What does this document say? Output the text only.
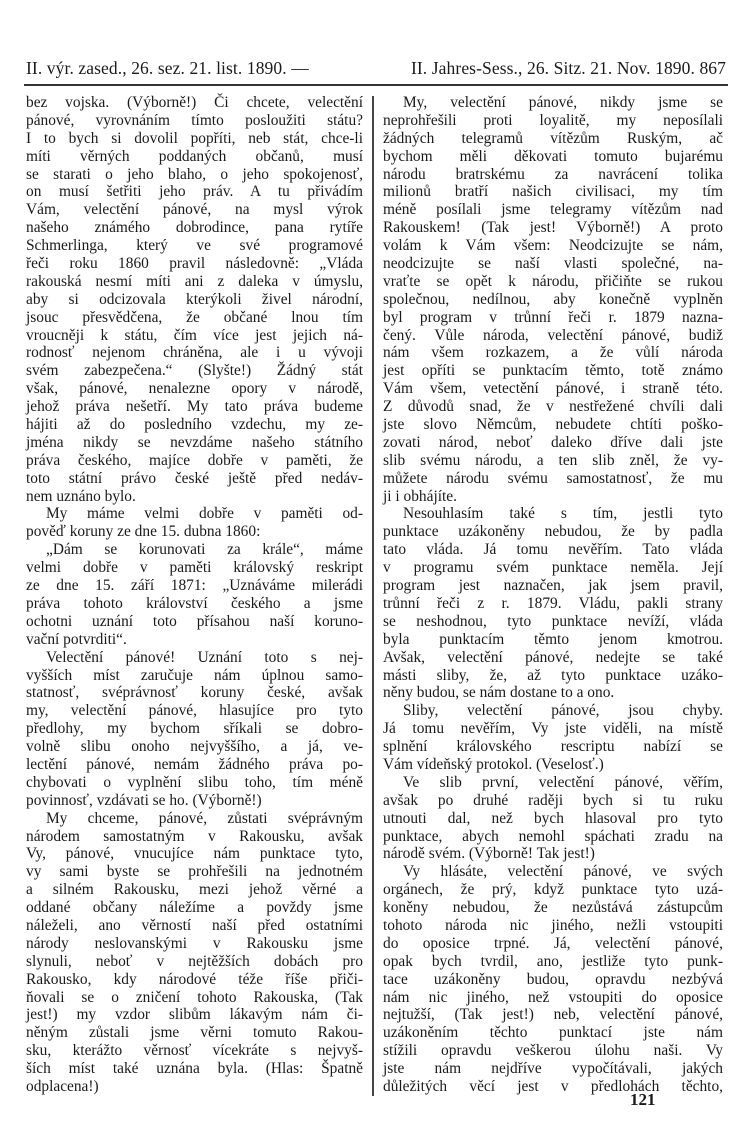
II. výr. zased., 26. sez. 21. list. 1890. —	II. Jahres-Sess., 26. Sitz. 21. Nov. 1890. 867
bez vojska. (Výborně!) Či chcete, velectění
pánové, vyrovnáním tímto posloužiti státu?
I to bych si dovolil popříti, neb stát, chce-li
míti věrných poddaných občanů, musí
se starati o jeho blaho, o jeho spokojenosť,
on musí šetřiti jeho práv. A tu přivádím
Vám, velectění pánové, na mysl výrok
našeho známého dobrodince, pana rytíře
Schmerlinga, který ve své programové
řeči roku 1860 pravil následovně: „Vláda
rakouská nesmí míti ani z daleka v úmyslu,
aby si odcizovala kterýkoli živel národní,
jsouc přesvědčena, že občané lnou tím
vroucněji k státu, čím více jest jejich ná-
rodnosť nejenom chráněna, ale i u vývoji
svém zabezpečena.“ (Slyšte!) Žádný stát
však, pánové, nenalezne opory v národě,
jehož práva nešetří. My tato práva budeme
hájiti až do posledního vzdechu, my ze-
jména nikdy se nevzdáme našeho státního
práva českého, majíce dobře v paměti, že
toto státní právo české ještě před nedáv-
nem uznáno bylo.
My máme velmi dobře v paměti od-
pověď koruny ze dne 15. dubna 1860:
„Dám se korunovati za krále“, máme
velmi dobře v paměti královský reskript
ze dne 15. září 1871: „Uznáváme milerádi
práva tohoto království českého a jsme
ochotni uznání toto přísahou naší koruno-
vační potvrditi“.
Velectění pánové! Uznání toto s nej-
vyšších míst zaručuje nám úplnou samo-
statnosť, svéprávnosť koruny české, avšak
my, velectění pánové, hlasujíce pro tyto
předlohy, my bychom sříkali se dobro-
volně slibu onoho nejvyššího, a já, ve-
lectění pánové, nemám žádného práva po-
chybovati o vyplnění slibu toho, tím méně
povinnosť, vzdávati se ho. (Výborně!)
My chceme, pánové, zůstati svéprávným
národem samostatným v Rakousku, avšak
Vy, pánové, vnucujíce nám punktace tyto,
vy sami byste se prohřešili na jednotném
a silném Rakousku, mezi jehož věrné a
oddané občany náležíme a povždy jsme
náleželi, ano věrností naší před ostatními
národy neslovanskými v Rakousku jsme
slynuli, neboť v nejtěžších dobách pro
Rakousko, kdy národové téže říše přiči-
ňovali se o zničení tohoto Rakouska, (Tak
jest!) my vzdor slibům lákavým nám či-
něným zůstali jsme věrni tomuto Rakou-
sku, kterážto věrnosť vícekráte s nejvyš-
ších míst také uznána byla. (Hlas: Špatně
odplacena!)
My, velectění pánové, nikdy jsme se
neprohřešili proti loyalitě, my neposílali
žádných telegramů vítězům Ruským, ač
bychom měli děkovati tomuto bujarému
národu bratrskému za navrácení tolika
milionů bratří našich civilisaci, my tím
méně posílali jsme telegramy vítězům nad
Rakouskem! (Tak jest! Výborně!) A proto
volám k Vám všem: Neodcizujte se nám,
neodcizujte se naší vlasti společné, na-
vraťte se opět k národu, přičiňte se rukou
společnou, nedílnou, aby konečně vyplněn
byl program v trůnní řeči r. 1879 nazna-
čený. Vůle národa, velectění pánové, budiž
nám všem rozkazem, a že vůlí národa
jest opříti se punktacím těmto, totě známo
Vám všem, vetectění pánové, i straně této.
Z důvodů snad, že v nestřežené chvíli dali
jste slovo Němcům, nebudete chtíti poško-
zovati národ, neboť daleko dříve dali jste
slib svému národu, a ten slib zněl, že vy-
můžete národu svému samostatnosť, že mu
ji i obhájíte.
Nesouhlasím také s tím, jestli tyto
punktace uzákoněny nebudou, že by padla
tato vláda. Já tomu nevěřím. Tato vláda
v programu svém punktace neměla. Její
program jest naznačen, jak jsem pravil,
trůnní řeči z r. 1879. Vládu, pakli strany
se neshodnou, tyto punktace nevíží, vláda
byla punktacím těmto jenom kmotrou.
Avšak, velectění pánové, nedejte se také
másti sliby, že, až tyto punktace uzáko-
něny budou, se nám dostane to a ono.
Sliby, velectění pánové, jsou chyby.
Já tomu nevěřím, Vy jste viděli, na místě
splnění královského rescriptu nabízí se
Vám vídeňský protokol. (Veselosť.)
Ve slib první, velectění pánové, věřím,
avšak po druhé raději bych si tu ruku
utnouti dal, než bych hlasoval pro tyto
punktace, abych nemohl spáchati zradu na
národě svém. (Výborně! Tak jest!)
Vy hlásáte, velectění pánové, ve svých
orgánech, že prý, když punktace tyto uzá-
koněny nebudou, že nezůstává zástupcům
tohoto národa nic jiného, nežli vstoupiti
do oposice trpné. Já, velectění pánové,
opak bych tvrdil, ano, jestliže tyto punk-
tace uzákoněny budou, opravdu nezbývá
nám nic jiného, než vstoupiti do oposice
nejtužší, (Tak jest!) neb, velectění pánové,
uzákoněním těchto punktací jste nám
stížili opravdu veškerou úlohu naši. Vy
jste nám nejdříve vypočítávali, jakých
důležitých věcí jest v předlohách těchto,
121
